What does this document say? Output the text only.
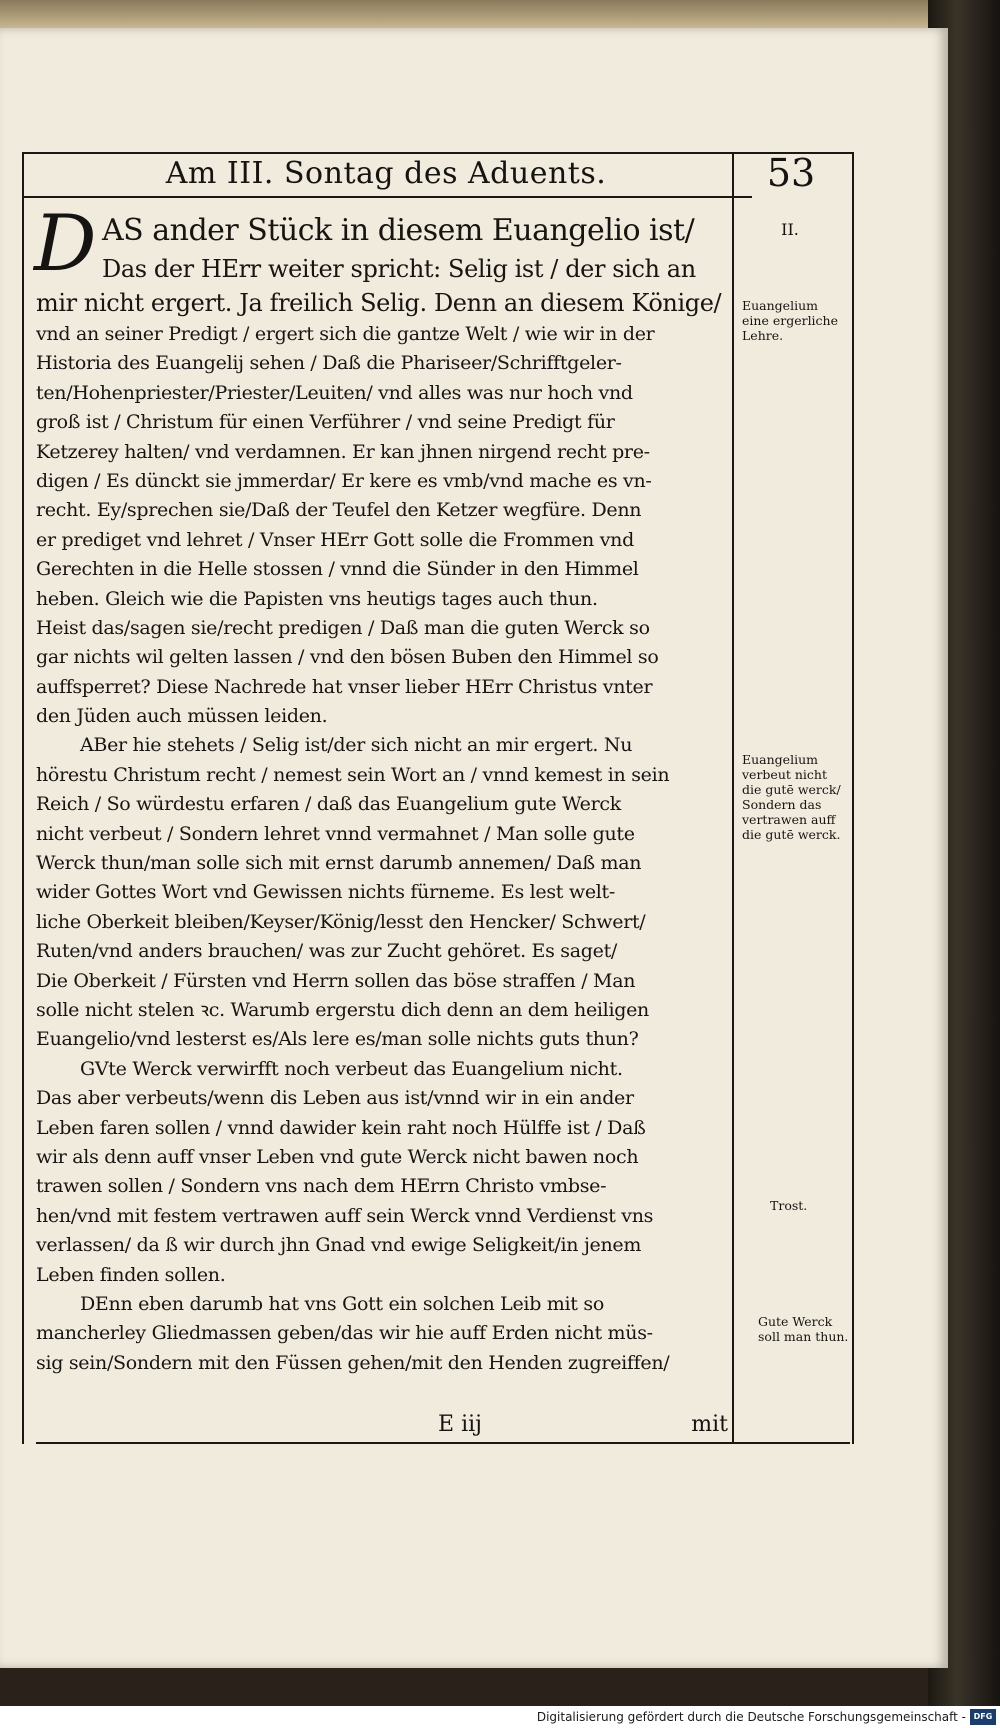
Am III. Sontag des Aduents.	53
II.
D AS ander Stück in diesem Euangelio ist/
Das der HErr weiter spricht: Selig ist / der sich an
mir nicht ergert. Ja freilich Selig. Denn an diesem Könige/
vnd an seiner Predigt / ergert sich die gantze Welt / wie wir in der
Historia des Euangelij sehen / Daß die Phariseer/Schrifftgeler-
ten/Hohenpriester/Priester/Leuiten/ vnd alles was nur hoch vnd
groß ist / Christum für einen Verführer / vnd seine Predigt für
Ketzerey halten/ vnd verdamnen. Er kan jhnen nirgend recht pre-
digen / Es dünckt sie jmmerdar/ Er kere es vmb/vnd mache es vn-
recht. Ey/sprechen sie/Daß der Teufel den Ketzer wegfüre. Denn
er prediget vnd lehret / Vnser HErr Gott solle die Frommen vnd
Gerechten in die Helle stossen / vnnd die Sünder in den Himmel
heben. Gleich wie die Papisten vns heutigs tages auch thun.
Heist das/sagen sie/recht predigen / Daß man die guten Werck so
gar nichts wil gelten lassen / vnd den bösen Buben den Himmel so
auffsperret? Diese Nachrede hat vnser lieber HErr Christus vnter
den Jüden auch müssen leiden.
ABer hie stehets / Selig ist/der sich nicht an mir ergert. Nu
hörestu Christum recht / nemest sein Wort an / vnnd kemest in sein
Reich / So würdestu erfaren / daß das Euangelium gute Werck
nicht verbeut / Sondern lehret vnnd vermahnet / Man solle gute
Werck thun/man solle sich mit ernst darumb annemen/ Daß man
wider Gottes Wort vnd Gewissen nichts fürneme. Es lest welt-
liche Oberkeit bleiben/Keyser/König/lesst den Hencker/ Schwert/
Ruten/vnd anders brauchen/ was zur Zucht gehöret. Es saget/
Die Oberkeit / Fürsten vnd Herrn sollen das böse straffen / Man
solle nicht stelen ꝛc. Warumb ergerstu dich denn an dem heiligen
Euangelio/vnd lesterst es/Als lere es/man solle nichts guts thun?
GVte Werck verwirfft noch verbeut das Euangelium nicht.
Das aber verbeuts/wenn dis Leben aus ist/vnnd wir in ein ander
Leben faren sollen / vnnd dawider kein raht noch Hülffe ist / Daß
wir als denn auff vnser Leben vnd gute Werck nicht bawen noch
trawen sollen / Sondern vns nach dem HErrn Christo vmbse-
hen/vnd mit festem vertrawen auff sein Werck vnnd Verdienst vns
verlassen/ da ß wir durch jhn Gnad vnd ewige Seligkeit/in jenem
Leben finden sollen.
DEnn eben darumb hat vns Gott ein solchen Leib mit so
mancherley Gliedmassen geben/das wir hie auff Erden nicht müs-
sig sein/Sondern mit den Füssen gehen/mit den Henden zugreiffen/
Euangelium
eine ergerliche
Lehre.
Euangelium
verbeut nicht
die gutē werck/
Sondern das
vertrawen auff
die gutē werck.
Trost.
Gute Werck
soll man thun.
E iij	mit
Digitalisierung gefördert durch die Deutsche Forschungsgemeinschaft - DFG
